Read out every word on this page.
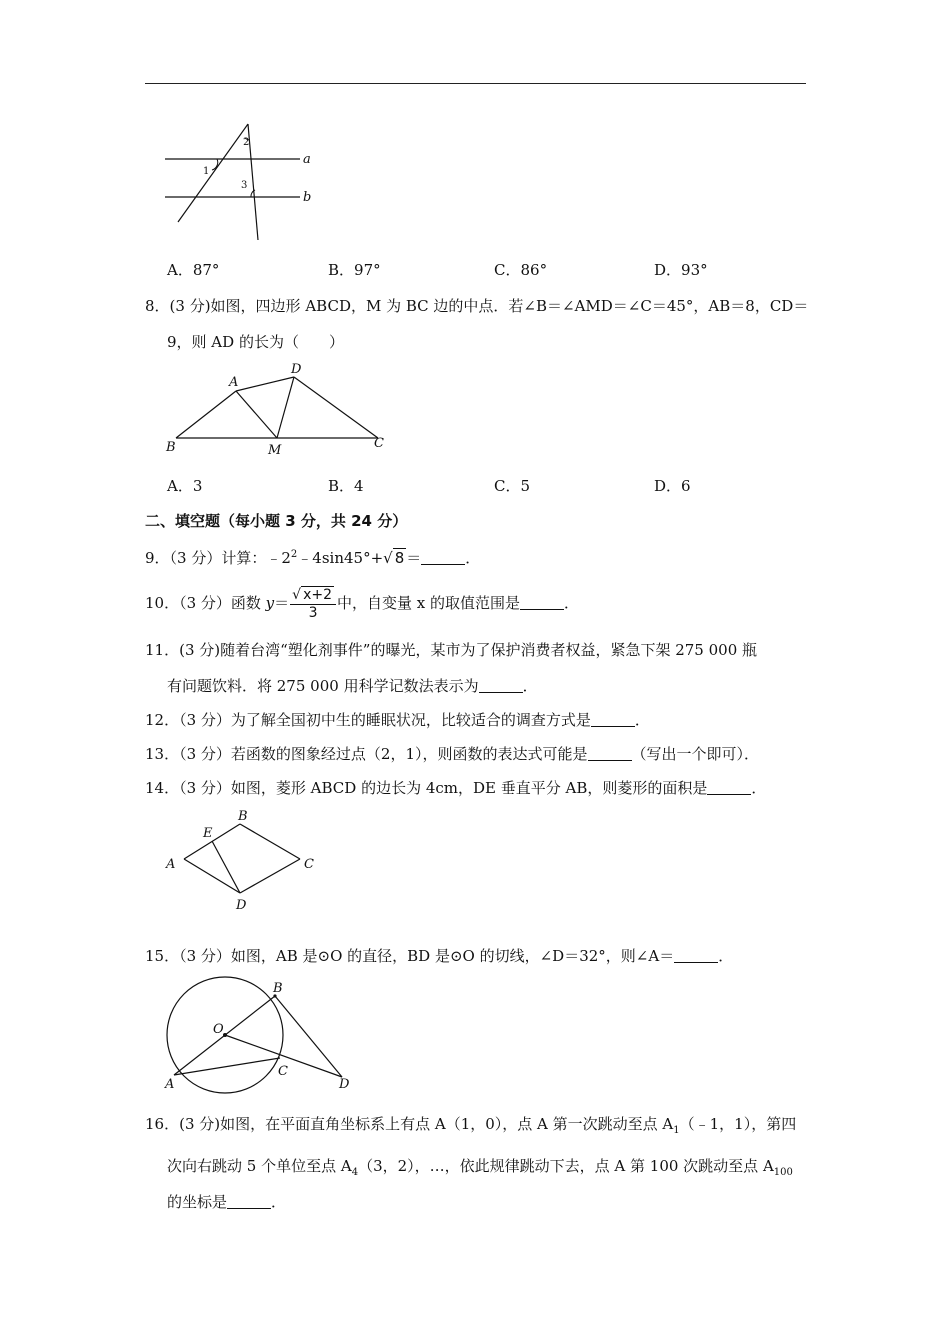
a
b
1
2
3
A．87°	B．97°	C．86°	D．93°
8．(3 分)如图，四边形 ABCD，M 为 BC 边的中点．若∠B＝∠AMD＝∠C＝45°，AB＝8，CD＝
9，则 AD 的长为（　　）
A
D
B	M	C
A．3	B．4	C．5	D．6
二、填空题（每小题 3 分，共 24 分）
9．（3 分）计算：$﹣2^2﹣4\sin 45^\circ+√$ 8 ＝	．
10．（3 分）函数 $y= \frac{√ x+2}{3}$ 中，自变量 x 的取值范围是	．
11．(3 分)随着台湾“塑化剂事件”的曝光，某市为了保护消费者权益，紧急下架 275 000 瓶
有问题饮料．将 275 000 用科学记数法表示为	．
12．（3 分）为了解全国初中生的睡眠状况，比较适合的调查方式是	．
13．（3 分）若函数的图象经过点（2，1），则函数的表达式可能是	（写出一个即可）．
14．（3 分）如图，菱形 ABCD 的边长为 4cm，DE 垂直平分 AB，则菱形的面积是	．
A
B
C
D
E
15．（3 分）如图，AB 是⊙O 的直径，BD 是⊙O 的切线，∠D＝32°，则∠A＝	．
O
B
A
C
D
16．(3 分)如图，在平面直角坐标系上有点 A（1，0），点 A 第一次跳动至点 $A_1(﹣1$，1），第四
次向右跳动 5 个单位至点 $A_4(3$，2），…，依此规律跳动下去，点 A 第 100 次跳动至点 $A_{100}$
的坐标是	．
